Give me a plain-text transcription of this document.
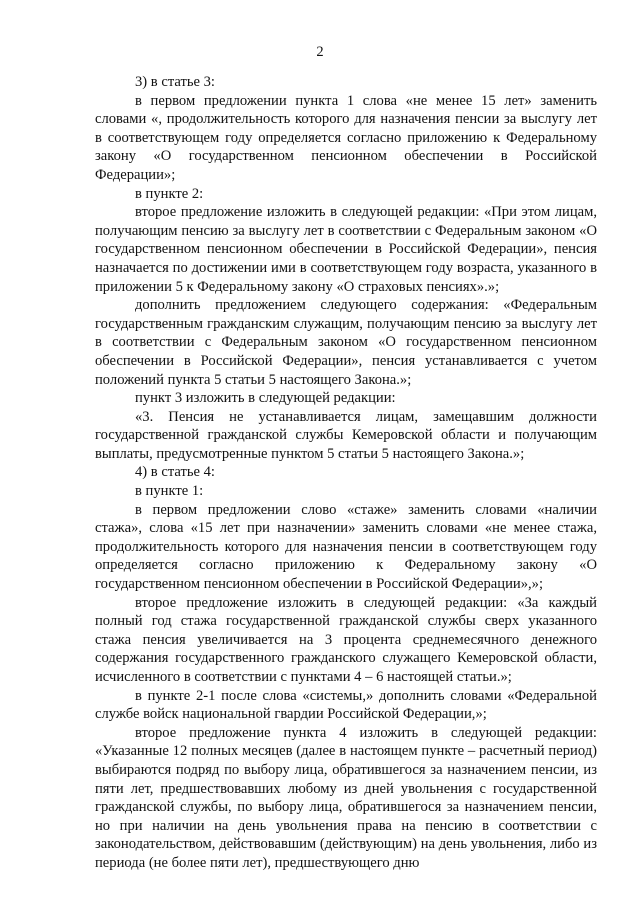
2

3) в статье 3:

в первом предложении пункта 1 слова «не менее 15 лет» заменить словами «, продолжительность которого для назначения пенсии за выслугу лет в соответствующем году определяется согласно приложению к Федеральному закону «О государственном пенсионном обеспечении в Российской Федерации»;

в пункте 2:

второе предложение изложить в следующей редакции: «При этом лицам, получающим пенсию за выслугу лет в соответствии с Федеральным законом «О государственном пенсионном обеспечении в Российской Федерации», пенсия назначается по достижении ими в соответствующем году возраста, указанного в приложении 5 к Федеральному закону «О страховых пенсиях».»;

дополнить предложением следующего содержания: «Федеральным государственным гражданским служащим, получающим пенсию за выслугу лет в соответствии с Федеральным законом «О государственном пенсионном обеспечении в Российской Федерации», пенсия устанавливается с учетом положений пункта 5 статьи 5 настоящего Закона.»;

пункт 3 изложить в следующей редакции:

«3. Пенсия не устанавливается лицам, замещавшим должности государственной гражданской службы Кемеровской области и получающим выплаты, предусмотренные пунктом 5 статьи 5 настоящего Закона.»;

4) в статье 4:

в пункте 1:

в первом предложении слово «стаже» заменить словами «наличии стажа», слова «15 лет при назначении» заменить словами «не менее стажа, продолжительность которого для назначения пенсии в соответствующем году определяется согласно приложению к Федеральному закону «О государственном пенсионном обеспечении в Российской Федерации»,»;

второе предложение изложить в следующей редакции: «За каждый полный год стажа государственной гражданской службы сверх указанного стажа пенсия увеличивается на 3 процента среднемесячного денежного содержания государственного гражданского служащего Кемеровской области, исчисленного в соответствии с пунктами 4 – 6 настоящей статьи.»;

в пункте 2-1 после слова «системы,» дополнить словами «Федеральной службе войск национальной гвардии Российской Федерации,»;

второе предложение пункта 4 изложить в следующей редакции: «Указанные 12 полных месяцев (далее в настоящем пункте – расчетный период) выбираются подряд по выбору лица, обратившегося за назначением пенсии, из пяти лет, предшествовавших любому из дней увольнения с государственной гражданской службы, по выбору лица, обратившегося за назначением пенсии, но при наличии на день увольнения права на пенсию в соответствии с законодательством, действовавшим (действующим) на день увольнения, либо из периода (не более пяти лет), предшествующего дню
